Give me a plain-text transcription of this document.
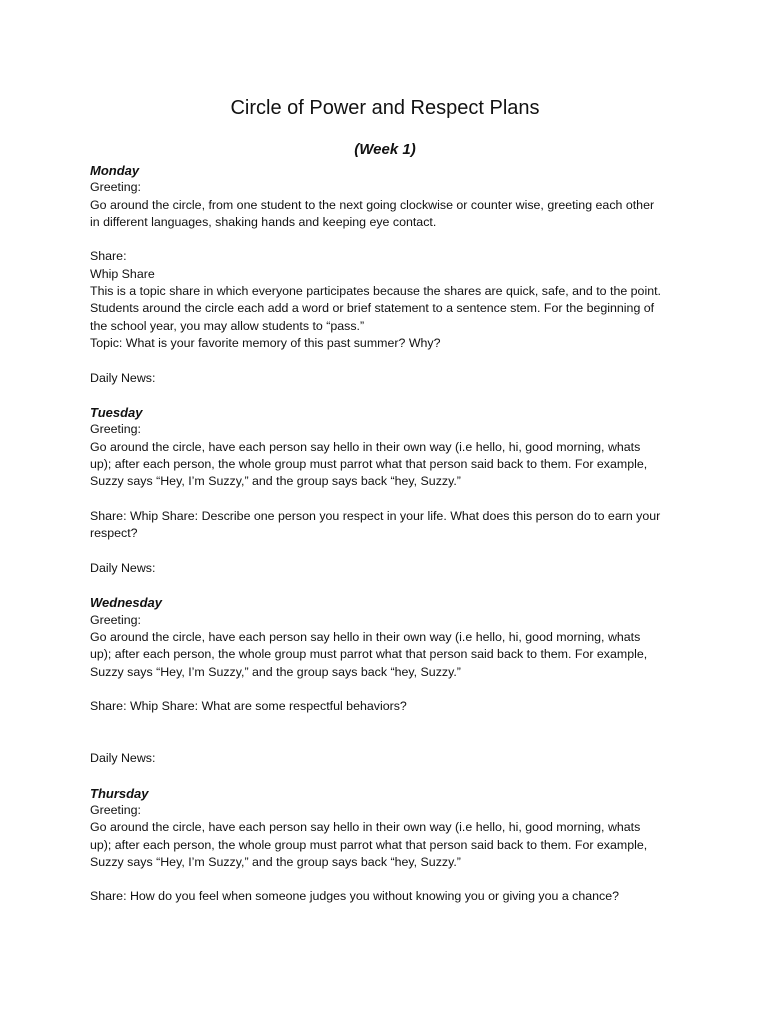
Circle of Power and Respect Plans
(Week 1)
Monday
Greeting:
Go around the circle, from one student to the next going clockwise or counter wise, greeting each other
in different languages, shaking hands and keeping eye contact.
Share:
Whip Share
This is a topic share in which everyone participates because the shares are quick, safe, and to the point.
Students around the circle each add a word or brief statement to a sentence stem. For the beginning of
the school year, you may allow students to “pass.”
Topic: What is your favorite memory of this past summer? Why?
Daily News:
Tuesday
Greeting:
Go around the circle, have each person say hello in their own way (i.e hello, hi, good morning, whats
up); after each person, the whole group must parrot what that person said back to them. For example,
Suzzy says “Hey, I’m Suzzy,” and the group says back “hey, Suzzy.”
Share: Whip Share: Describe one person you respect in your life. What does this person do to earn your
respect?
Daily News:
Wednesday
Greeting:
Go around the circle, have each person say hello in their own way (i.e hello, hi, good morning, whats
up); after each person, the whole group must parrot what that person said back to them. For example,
Suzzy says “Hey, I’m Suzzy,” and the group says back “hey, Suzzy.”
Share: Whip Share: What are some respectful behaviors?
Daily News:
Thursday
Greeting:
Go around the circle, have each person say hello in their own way (i.e hello, hi, good morning, whats
up); after each person, the whole group must parrot what that person said back to them. For example,
Suzzy says “Hey, I’m Suzzy,” and the group says back “hey, Suzzy.”
Share: How do you feel when someone judges you without knowing you or giving you a chance?
